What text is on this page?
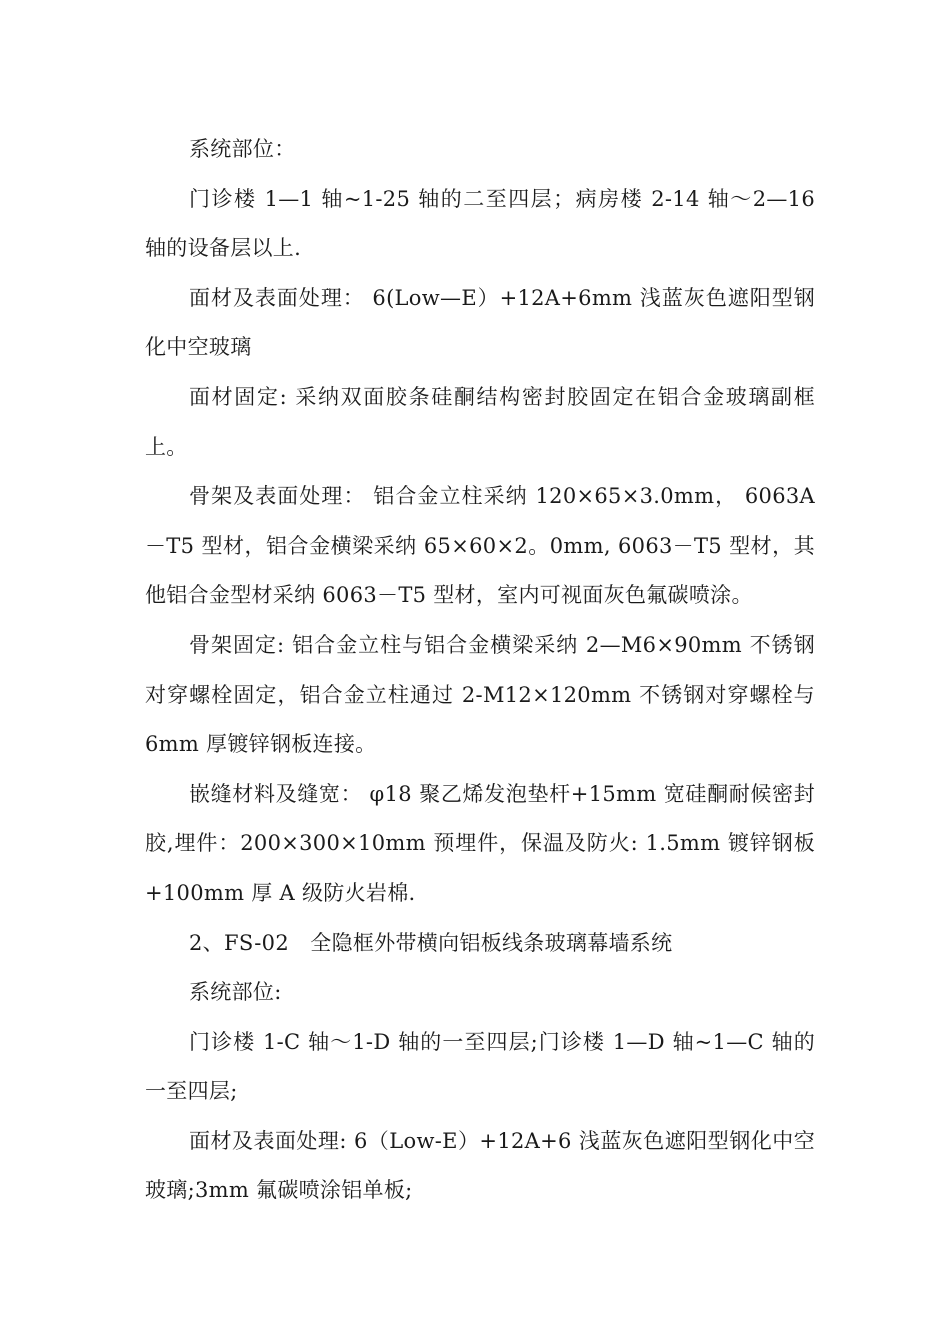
系统部位：

门诊楼 1—1 轴~1-25 轴的二至四层；病房楼 2-14 轴～2—16 轴的设备层以上.

面材及表面处理： 6(Low—E）+12A+6mm 浅蓝灰色遮阳型钢化中空玻璃

面材固定: 采纳双面胶条硅酮结构密封胶固定在铝合金玻璃副框上。

骨架及表面处理： 铝合金立柱采纳 120×65×3.0mm， 6063A－T5 型材，铝合金横梁采纳 65×60×2。0mm, 6063－T5 型材，其他铝合金型材采纳 6063－T5 型材，室内可视面灰色氟碳喷涂。

骨架固定: 铝合金立柱与铝合金横梁采纳 2—M6×90mm 不锈钢对穿螺栓固定，铝合金立柱通过 2-M12×120mm 不锈钢对穿螺栓与 6mm 厚镀锌钢板连接。

嵌缝材料及缝宽： φ18 聚乙烯发泡垫杆+15mm 宽硅酮耐候密封胶,埋件：200×300×10mm 预埋件，保温及防火: 1.5mm 镀锌钢板+100mm 厚 A 级防火岩棉.

2、FS-02　全隐框外带横向铝板线条玻璃幕墙系统

系统部位:

门诊楼 1-C 轴～1-D 轴的一至四层;门诊楼 1—D 轴~1—C 轴的一至四层;

面材及表面处理: 6（Low-E）+12A+6 浅蓝灰色遮阳型钢化中空玻璃;3mm 氟碳喷涂铝单板;
